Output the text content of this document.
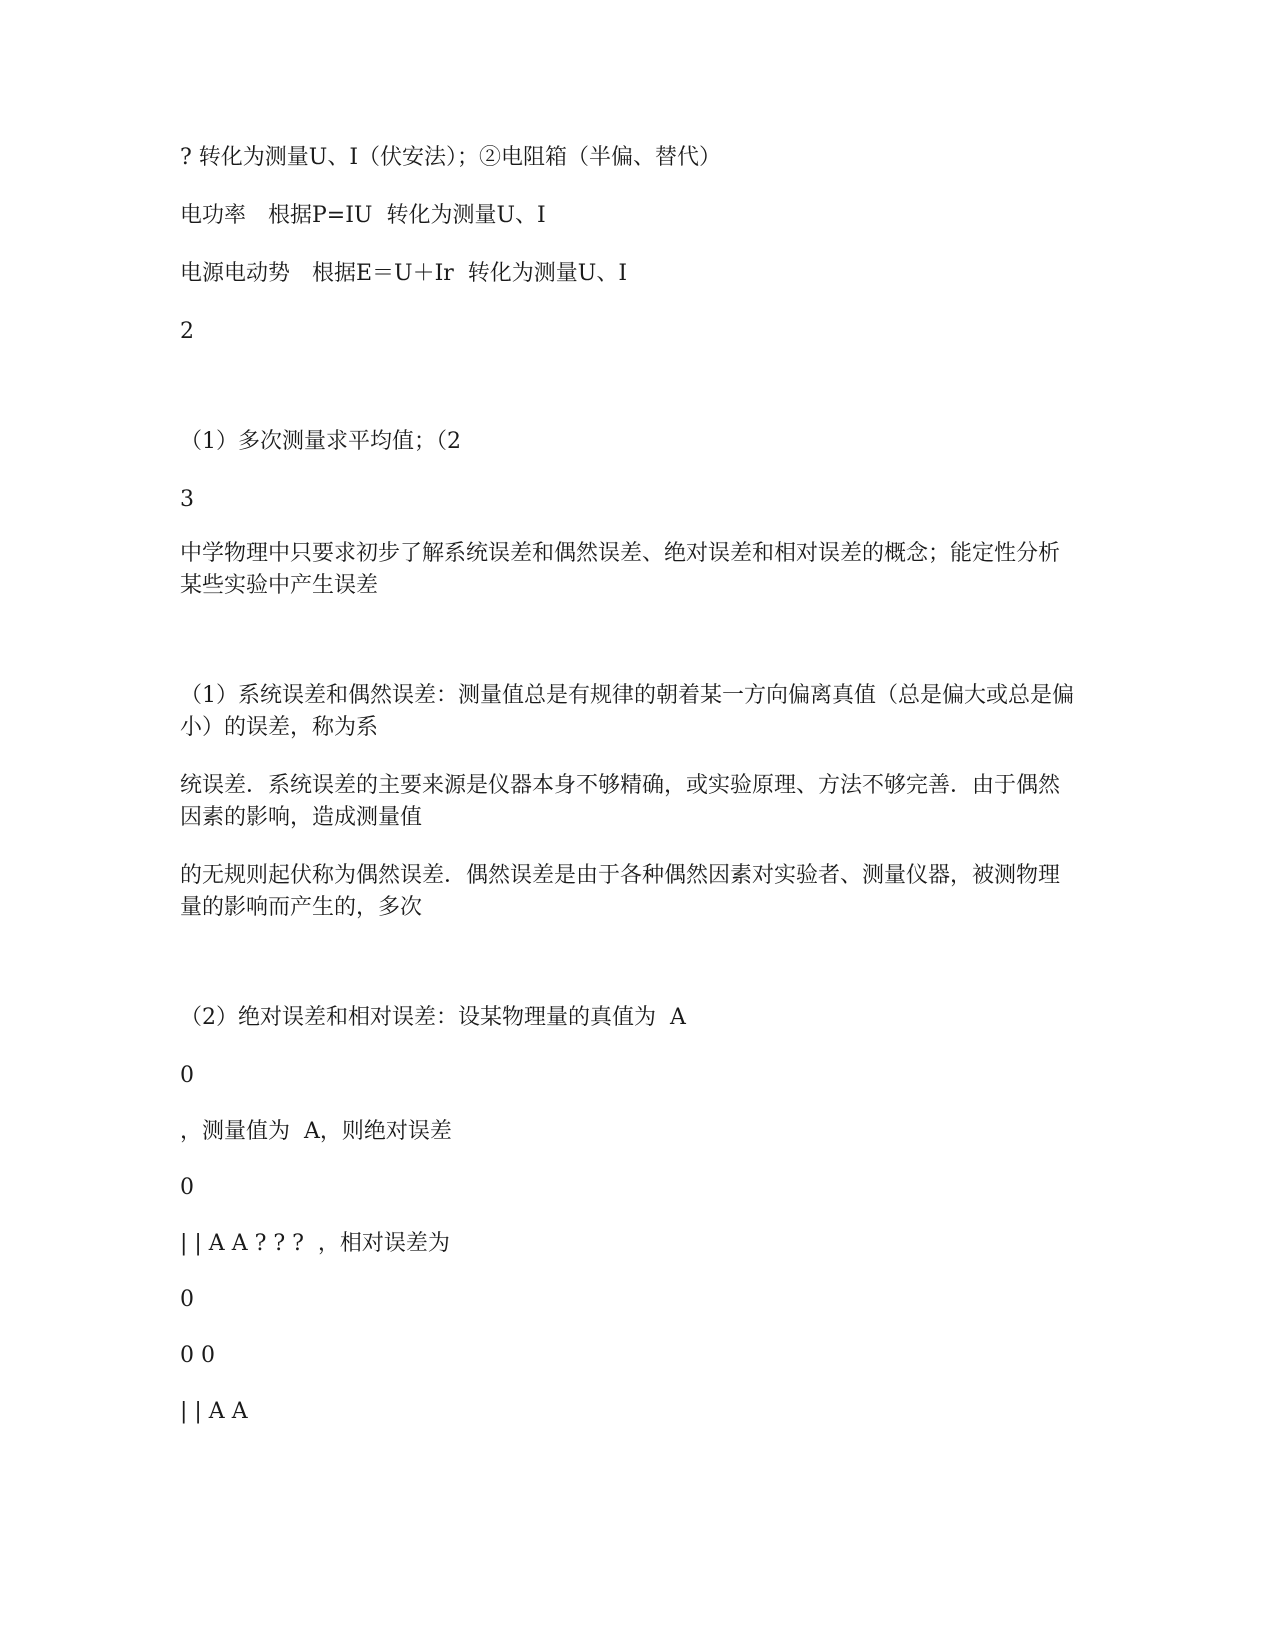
? 转化为测量U、I（伏安法）；②电阻箱（半偏、替代）

电功率　根据P=IU  转化为测量U、I

电源电动势　根据E＝U＋Ir  转化为测量U、I

2

（1）多次测量求平均值；（2

3

中学物理中只要求初步了解系统误差和偶然误差、绝对误差和相对误差的概念；能定性分析某些实验中产生误差

（1）系统误差和偶然误差：测量值总是有规律的朝着某一方向偏离真值（总是偏大或总是偏小）的误差，称为系

统误差．系统误差的主要来源是仪器本身不够精确，或实验原理、方法不够完善．由于偶然因素的影响，造成测量值

的无规则起伏称为偶然误差．偶然误差是由于各种偶然因素对实验者、测量仪器，被测物理量的影响而产生的，多次

（2）绝对误差和相对误差：设某物理量的真值为  A

0

，测量值为  A，则绝对误差

0

| | A A ? ? ?  ，相对误差为

0

0 0

| | A A
